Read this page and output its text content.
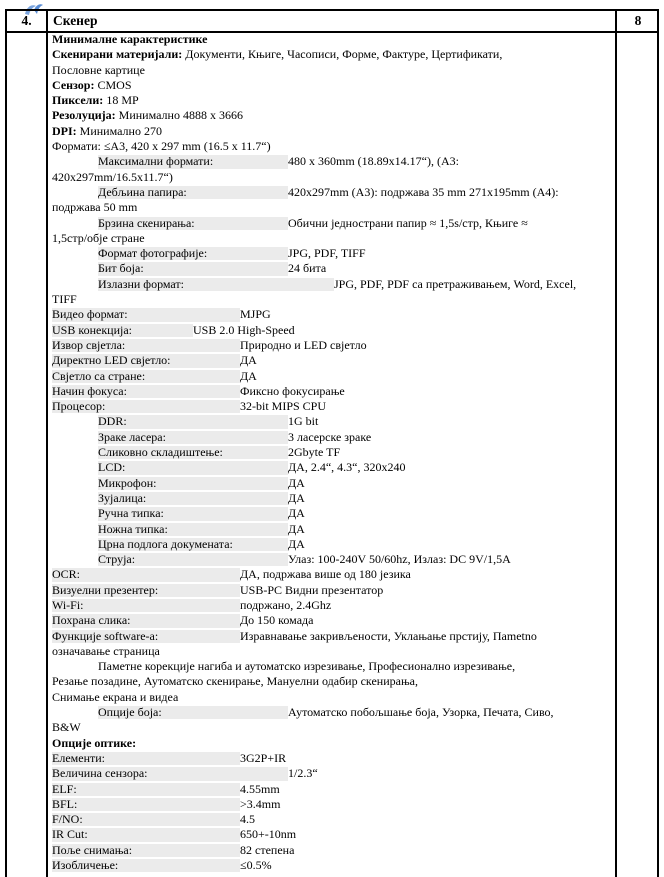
4.	Скенер	8
Минималне карактеристике
Скенирани материјали: Документи, Књиге, Часописи, Форме, Фактуре, Цертификати,
Пословне картице
Сензор: CMOS
Пиксели: 18 MP
Резолуција: Минимално 4888 x 3666
DPI: Минимално 270
Формати: ≤A3, 420 x 297 mm (16.5 x 11.7“)
Максимални формати:	480 x 360mm (18.89x14.17“), (A3:
420x297mm/16.5x11.7“)
Дебљина папира:	420x297mm (A3): подржава 35 mm 271x195mm (A4):
подржава 50 mm
Брзина скенирања:	Обични једнострани папир ≈ 1,5s/стр, Књиге ≈
1,5стр/обје стране
Формат фотографије:	JPG, PDF, TIFF
Бит боја:	24 бита
Излазни формат:	JPG, PDF, PDF са претраживањем, Word, Excel,
TIFF
Видео формат:	MJPG
USB конекција:	USB 2.0 High-Speed
Извор свјетла:	Природно и LED свјетло
Директно LED свјетло:	ДА
Свјетло са стране:	ДА
Начин фокуса:	Фиксно фокусирање
Процесор:	32-bit MIPS CPU
DDR:	1G bit
Зраке ласера:	3 ласерске зраке
Сликовно складиштење:	2Gbyte TF
LCD:	ДА, 2.4“, 4.3“, 320x240
Микрофон:	ДА
Зујалица:	ДА
Ручна типка:	ДА
Ножна типка:	ДА
Црна подлога докумената:	ДА
Струја:	Улаз: 100-240V 50/60hz, Излаз: DC 9V/1,5A
OCR:	ДА, подржава више од 180 језика
Визуелни презентер:	USB-PC Видни презентатор
Wi-Fi:	подржано, 2.4Ghz
Похрана слика:	До 150 комада
Функције software-a:	Изравнавање закривљености, Уклањање прстију, Пametno
означавање страница
Паметне корекције нагиба и аутоматско изрезивање, Професионално изрезивање,
Резање позадине, Аутоматско скенирање, Мануелни одабир скенирања,
Снимање екрана и видеа
Опције боја:	Аутоматско побољшање боја, Узорка, Печата, Сиво,
B&W
Опције оптике:
Елементи:	3G2P+IR
Величина сензора:	1/2.3“
ELF:	4.55mm
BFL:	>3.4mm
F/NO:	4.5
IR Cut:	650+-10nm
Поље снимања:	82 степена
Изобличење:	≤0.5%
